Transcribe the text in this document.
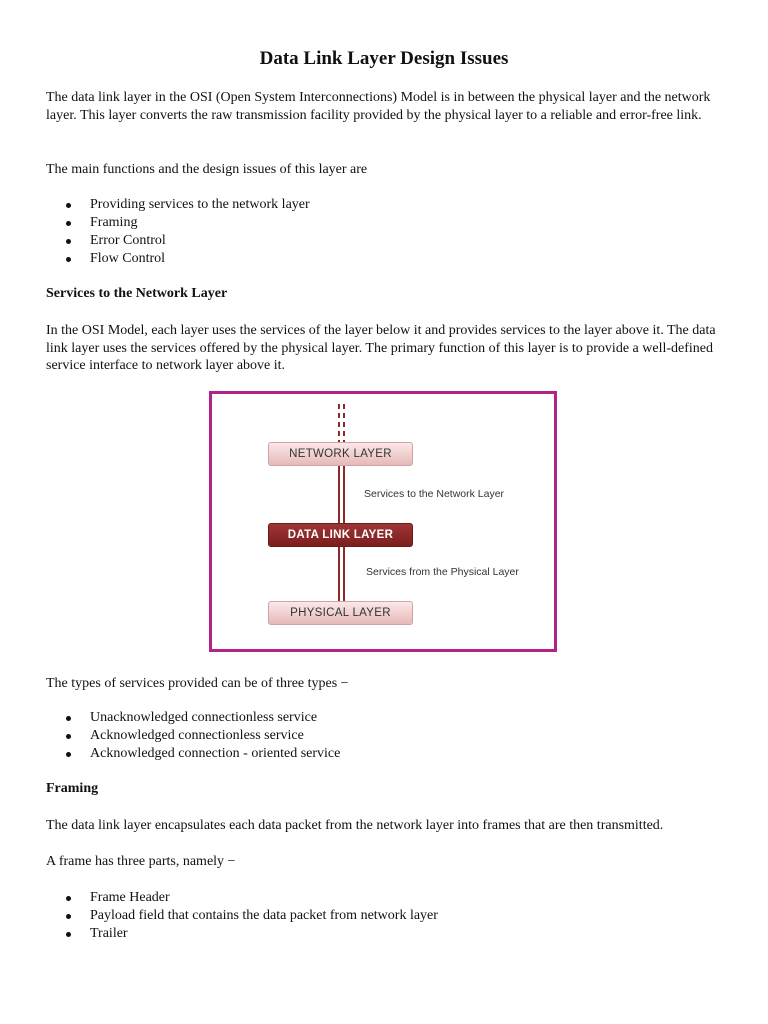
Data Link Layer Design Issues

The data link layer in the OSI (Open System Interconnections) Model is in between the physical layer and the network layer. This layer converts the raw transmission facility provided by the physical layer to a reliable and error-free link.

The main functions and the design issues of this layer are

Providing services to the network layer
Framing
Error Control
Flow Control

Services to the Network Layer

In the OSI Model, each layer uses the services of the layer below it and provides services to the layer above it. The data link layer uses the services offered by the physical layer. The primary function of this layer is to provide a well-defined service interface to network layer above it.

NETWORK LAYER
DATA LINK LAYER
PHYSICAL LAYER
Services to the Network Layer
Services from the Physical Layer

The types of services provided can be of three types −

Unacknowledged connectionless service
Acknowledged connectionless service
Acknowledged connection - oriented service

Framing

The data link layer encapsulates each data packet from the network layer into frames that are then transmitted.

A frame has three parts, namely −

Frame Header
Payload field that contains the data packet from network layer
Trailer
